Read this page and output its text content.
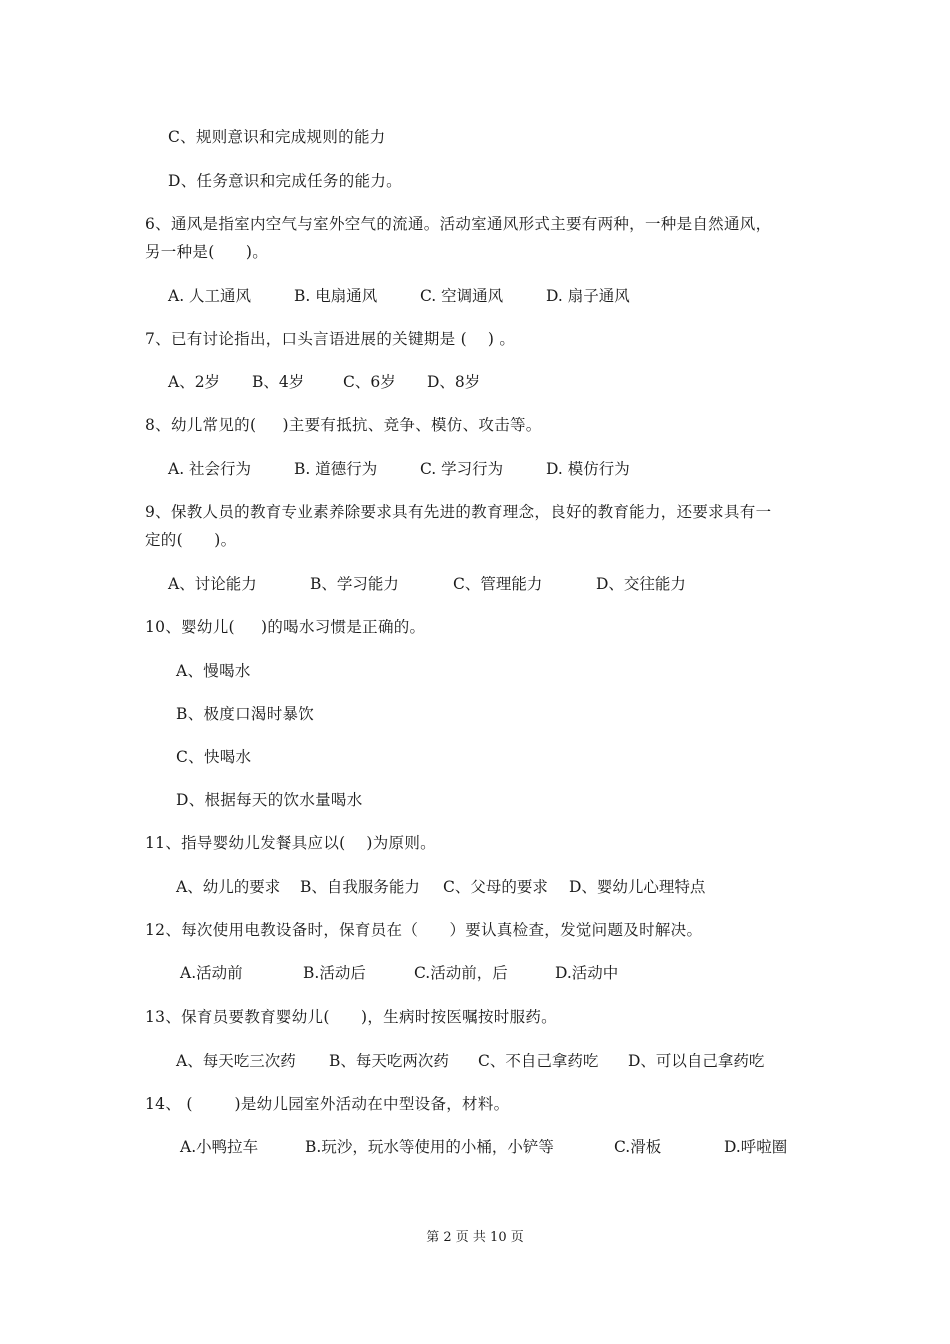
C、规则意识和完成规则的能力
D、任务意识和完成任务的能力。
6、通风是指室内空气与室外空气的流通。活动室通风形式主要有两种，一种是自然通风，
另一种是(      )。

A. 人工通风

	B. 电扇通风

	C. 空调通风

	D. 扇子通风

7、已有讨论指出，口头言语进展的关键期是 (    ) 。

A、2岁

B、4岁

C、6岁

D、8岁

8、幼儿常见的(     )主要有抵抗、竞争、模仿、攻击等。

A. 社会行为

	B. 道德行为

	C. 学习行为

	D. 模仿行为

9、保教人员的教育专业素养除要求具有先进的教育理念，良好的教育能力，还要求具有一
定的(      )。

A、讨论能力

	B、学习能力

	C、管理能力

	D、交往能力

10、婴幼儿(     )的喝水习惯是正确的。
A、慢喝水
B、极度口渴时暴饮
C、快喝水
D、根据每天的饮水量喝水
11、指导婴幼儿发餐具应以(    )为原则。

A、幼儿的要求

B、自我服务能力

C、父母的要求

D、婴幼儿心理特点

12、每次使用电教设备时，保育员在（      ）要认真检查，发觉问题及时解决。

A.活动前

	B.活动后

	C.活动前，后

	D.活动中

13、保育员要教育婴幼儿(      )，生病时按医嘱按时服药。

A、每天吃三次药

B、每天吃两次药

C、不自己拿药吃

D、可以自己拿药吃

14、 (        )是幼儿园室外活动在中型设备，材料。

A.小鸭拉车

	B.玩沙，玩水等使用的小桶，小铲等

	C.滑板

	D.呼啦圈

第 2 页 共 10 页
